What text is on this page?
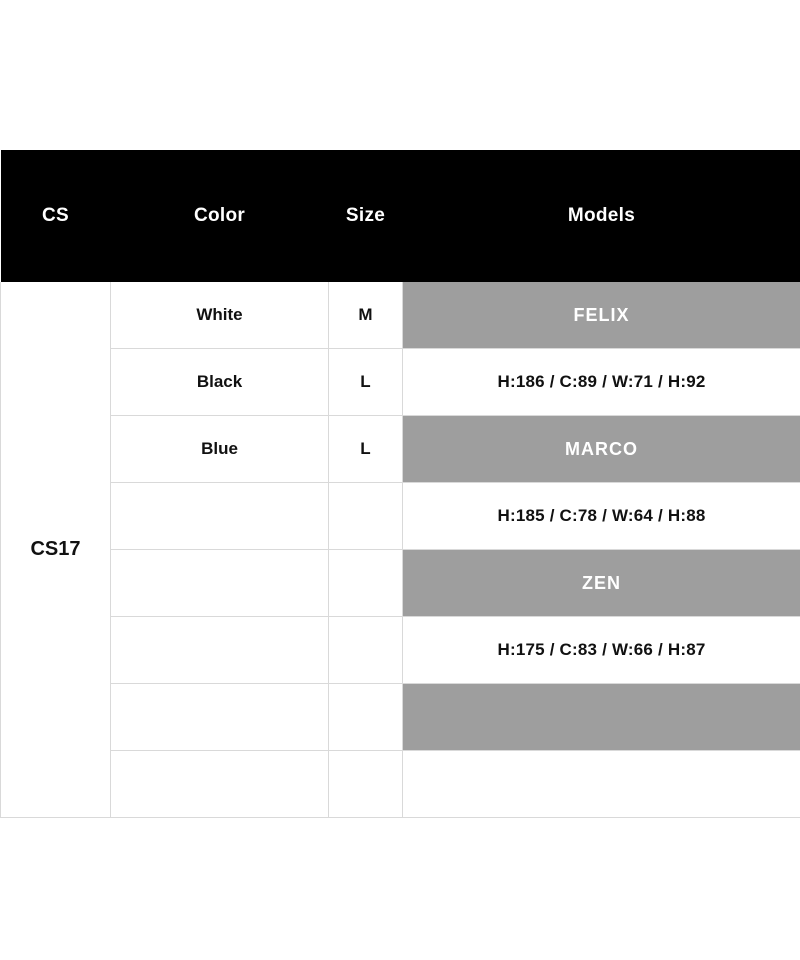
CS	Color	Size	Models
CS17	White	M	FELIX
	Black	L	H:186 / C:89 / W:71 / H:92
	Blue	L	MARCO
			H:185 / C:78 / W:64 / H:88
			ZEN
			H:175 / C:83 / W:66 / H:87
